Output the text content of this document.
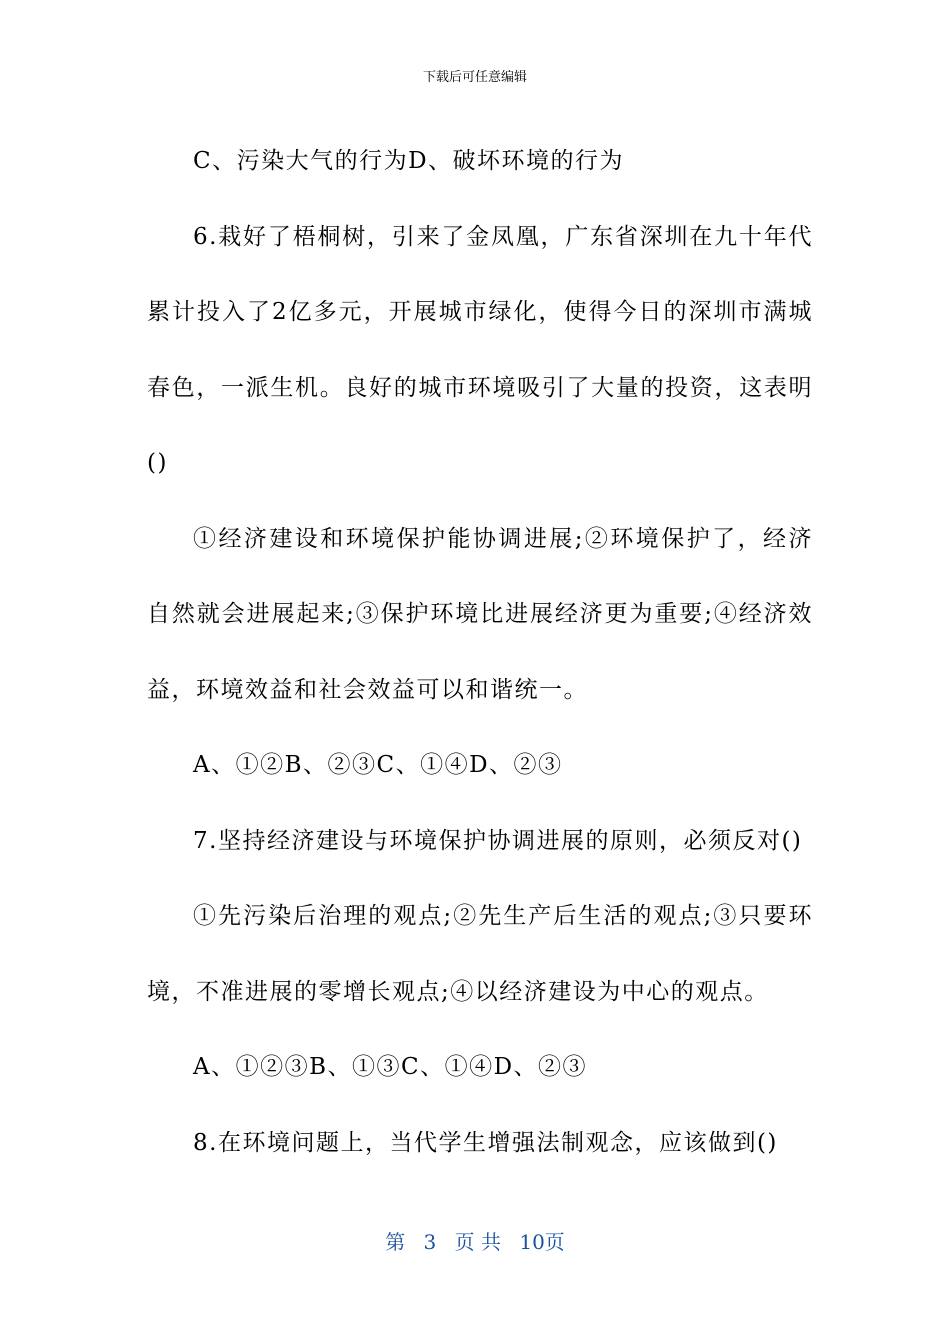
下载后可任意编辑

C、污染大气的行为D、破坏环境的行为

6.栽好了梧桐树，引来了金凤凰，广东省深圳在九十年代累计投入了2亿多元，开展城市绿化，使得今日的深圳市满城春色，一派生机。良好的城市环境吸引了大量的投资，这表明()

①经济建设和环境保护能协调进展;②环境保护了，经济自然就会进展起来;③保护环境比进展经济更为重要;④经济效益，环境效益和社会效益可以和谐统一。

A、①②B、②③C、①④D、②③

7.坚持经济建设与环境保护协调进展的原则，必须反对()

①先污染后治理的观点;②先生产后生活的观点;③只要环境，不准进展的零增长观点;④以经济建设为中心的观点。

A、①②③B、①③C、①④D、②③

8.在环境问题上，当代学生增强法制观念，应该做到()

第 3 页 共 10页
